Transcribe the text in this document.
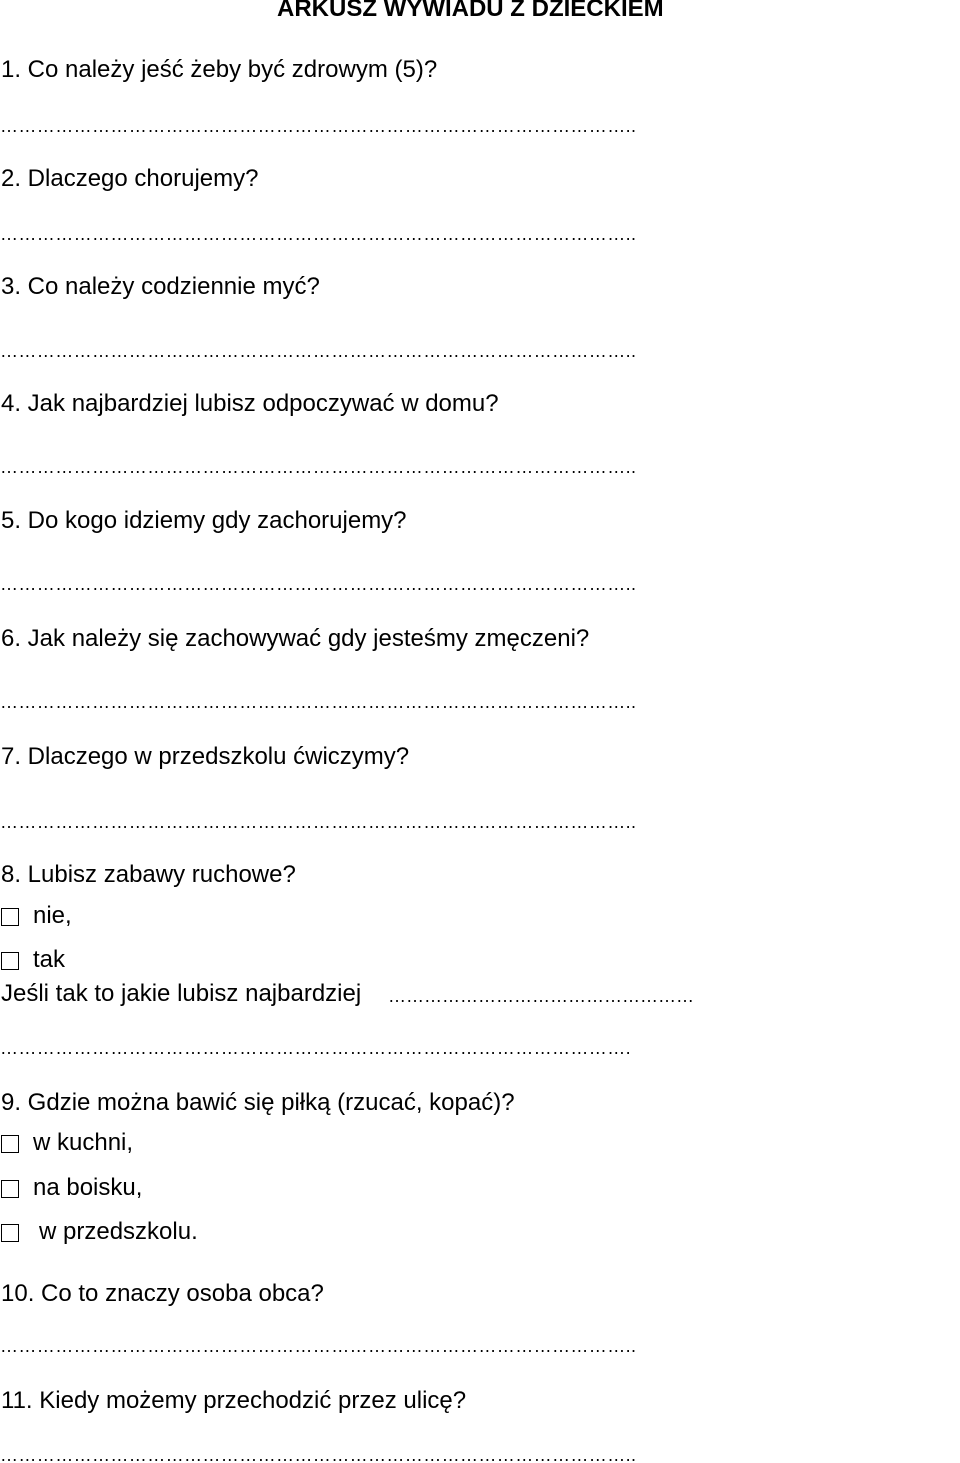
ARKUSZ WYWIADU Z DZIECKIEM

1. Co należy jeść żeby być zdrowym (5)?

…………………………………………………………………………………………..

2. Dlaczego chorujemy?

…………………………………………………………………………………………..

3. Co należy codziennie myć?

…………………………………………………………………………………………..

4. Jak najbardziej lubisz odpoczywać w domu?

…………………………………………………………………………………………..

5. Do kogo idziemy gdy zachorujemy?

…………………………………………………………………………………………..

6. Jak należy się zachowywać gdy jesteśmy zmęczeni?

…………………………………………………………………………………………..

7. Dlaczego w przedszkolu ćwiczymy?

…………………………………………………………………………………………..

8. Lubisz zabawy ruchowe?

nie,
tak

Jeśli tak to jakie lubisz najbardziej ……………………………………………
………………………………………………………………………………………….

9. Gdzie można bawić się piłką (rzucać, kopać)?

w kuchni,
na boisku,
w przedszkolu.

10. Co to znaczy osoba obca?

…………………………………………………………………………………………..

11. Kiedy możemy przechodzić przez ulicę?

…………………………………………………………………………………………..
